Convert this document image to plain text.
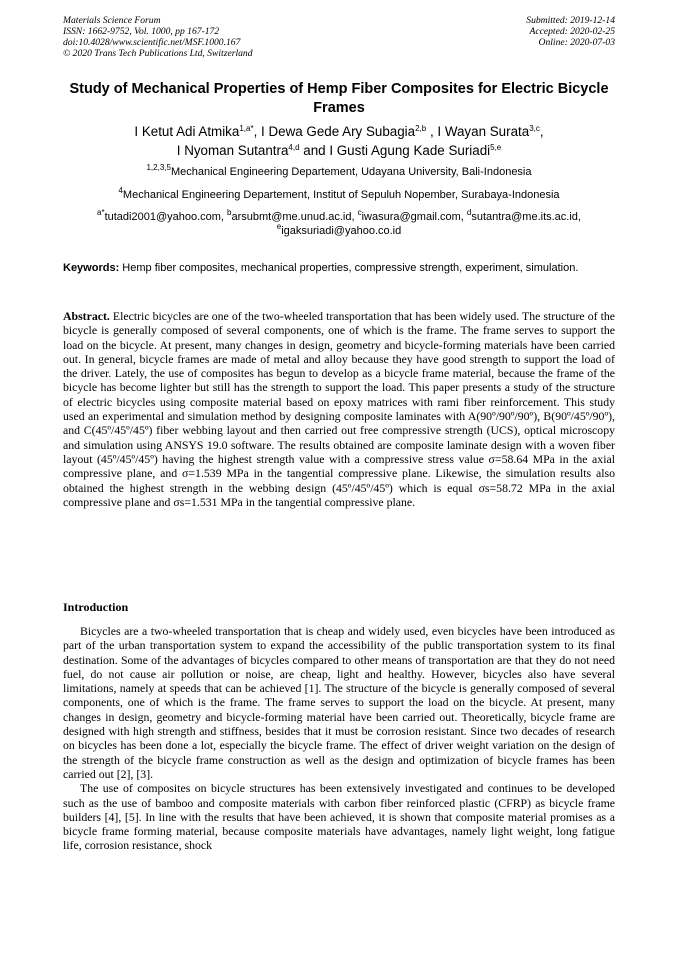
Materials Science Forum
ISSN: 1662-9752, Vol. 1000, pp 167-172
doi:10.4028/www.scientific.net/MSF.1000.167
© 2020 Trans Tech Publications Ltd, Switzerland
Submitted: 2019-12-14
Accepted: 2020-02-25
Online: 2020-07-03
Study of Mechanical Properties of Hemp Fiber Composites for Electric Bicycle Frames
I Ketut Adi Atmika$^{1,a*}$, I Dewa Gede Ary Subagia$^{2,b}$ , I Wayan Surata$^{3,c}$,
I Nyoman Sutantra$^{4,d}$ and I Gusti Agung Kade Suriadi$^{5,e}$
$^{1,2,3,5}$Mechanical Engineering Departement, Udayana University, Bali-Indonesia
$^4$Mechanical Engineering Departement, Institut of Sepuluh Nopember, Surabaya-Indonesia
$^{a*}$tutadi2001@yahoo.com, $^b$arsubmt@me.unud.ac.id, $^c$iwasura@gmail.com, $^d$sutantra@me.its.ac.id,
$^e$igaksuriadi@yahoo.co.id
Keywords: Hemp fiber composites, mechanical properties, compressive strength, experiment, simulation.
Abstract. Electric bicycles are one of the two-wheeled transportation that has been widely used. The structure of the bicycle is generally composed of several components, one of which is the frame. The frame serves to support the load on the bicycle. At present, many changes in design, geometry and bicycle-forming materials have been carried out. In general, bicycle frames are made of metal and alloy because they have good strength to support the load of the driver. Lately, the use of composites has begun to develop as a bicycle frame material, because the frame of the bicycle has become lighter but still has the strength to support the load. This paper presents a study of the structure of electric bicycles using composite material based on epoxy matrices with rami fiber reinforcement. This study used an experimental and simulation method by designing composite laminates with A(90º/90º/90º), B(90º/45º/90º), and C(45º/45º/45º) fiber webbing layout and then carried out free compressive strength (UCS), optical microscopy and simulation using ANSYS 19.0 software. The results obtained are composite laminate design with a woven fiber layout (45º/45º/45º) having the highest strength value with a compressive stress value σ=58.64 MPa in the axial compressive plane, and σ=1.539 MPa in the tangential compressive plane. Likewise, the simulation results also obtained the highest strength in the webbing design (45º/45º/45º) which is equal σs=58.72 MPa in the axial compressive plane and σs=1.531 MPa in the tangential compressive plane.
Introduction

Bicycles are a two-wheeled transportation that is cheap and widely used, even bicycles have been introduced as part of the urban transportation system to expand the accessibility of the public transportation system to its final destination. Some of the advantages of bicycles compared to other means of transportation are that they do not need fuel, do not cause air pollution or noise, are cheap, light and healthy. However, bicycles also have several limitations, namely at speeds that can be achieved [1]. The structure of the bicycle is generally composed of several components, one of which is the frame. The frame serves to support the load on the bicycle. At present, many changes in design, geometry and bicycle-forming material have been carried out. Theoretically, bicycle frame are designed with high strength and stiffness, besides that it must be corrosion resistant. Since two decades of research on bicycles has been done a lot, especially the bicycle frame. The effect of driver weight variation on the design of the strength of the bicycle frame construction as well as the design and optimization of bicycle frames has been carried out [2], [3].

The use of composites on bicycle structures has been extensively investigated and continues to be developed such as the use of bamboo and composite materials with carbon fiber reinforced plastic (CFRP) as bicycle frame builders [4], [5]. In line with the results that have been achieved, it is shown that composite material promises as a bicycle frame forming material, because composite materials have advantages, namely light weight, long fatigue life, corrosion resistance, shock
